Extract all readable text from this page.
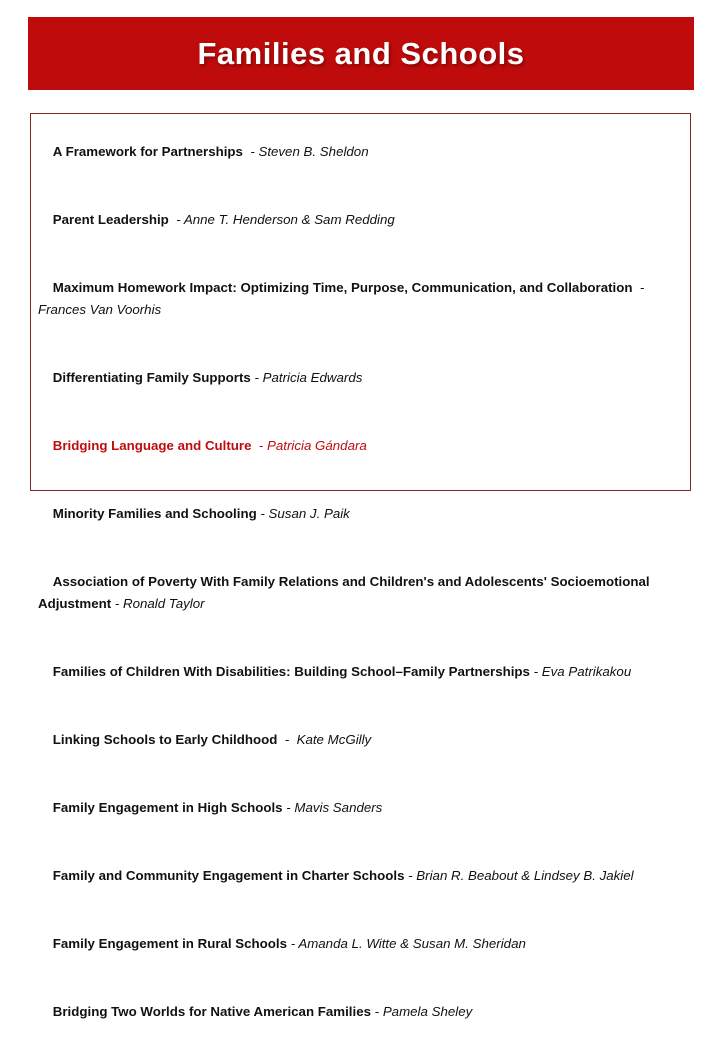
Families and Schools

A Framework for Partnerships  - Steven B. Sheldon

Parent Leadership  - Anne T. Henderson & Sam Redding

Maximum Homework Impact: Optimizing Time, Purpose, Communication, and Collaboration  - Frances Van Voorhis

Differentiating Family Supports - Patricia Edwards

Bridging Language and Culture  - Patricia Gándara

Minority Families and Schooling - Susan J. Paik

Association of Poverty With Family Relations and Children's and Adolescents' Socioemotional Adjustment - Ronald Taylor

Families of Children With Disabilities: Building School–Family Partnerships - Eva Patrikakou

Linking Schools to Early Childhood  -  Kate McGilly

Family Engagement in High Schools - Mavis Sanders

Family and Community Engagement in Charter Schools - Brian R. Beabout & Lindsey B. Jakiel

Family Engagement in Rural Schools - Amanda L. Witte & Susan M. Sheridan

Bridging Two Worlds for Native American Families - Pamela Sheley
